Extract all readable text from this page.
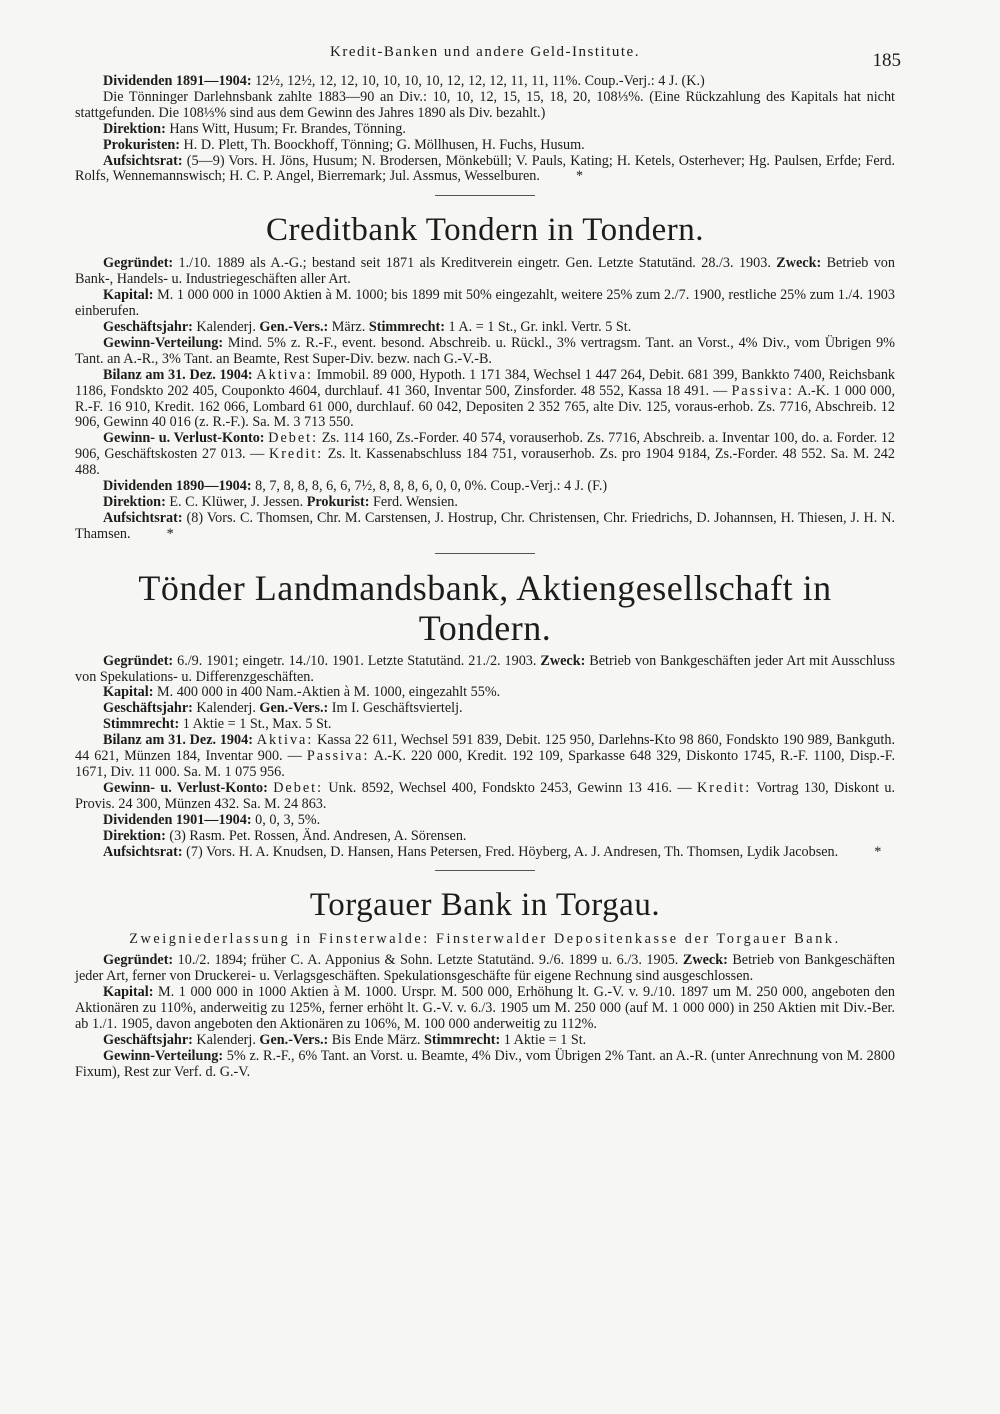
Kredit-Banken und andere Geld-Institute.	185

Dividenden 1891—1904: 12½, 12½, 12, 12, 10, 10, 10, 10, 12, 12, 12, 11, 11, 11%. Coup.-Verj.: 4 J. (K.)

Die Tönninger Darlehnsbank zahlte 1883—90 an Div.: 10, 10, 12, 15, 15, 18, 20, 108⅓%. (Eine Rückzahlung des Kapitals hat nicht stattgefunden. Die 108⅓% sind aus dem Gewinn des Jahres 1890 als Div. bezahlt.)

Direktion: Hans Witt, Husum; Fr. Brandes, Tönning.

Prokuristen: H. D. Plett, Th. Boockhoff, Tönning; G. Möllhusen, H. Fuchs, Husum.

Aufsichtsrat: (5—9) Vors. H. Jöns, Husum; N. Brodersen, Mönkebüll; V. Pauls, Kating; H. Ketels, Osterhever; Hg. Paulsen, Erfde; Ferd. Rolfs, Wennemannswisch; H. C. P. Angel, Bierremark; Jul. Assmus, Wesselburen.	*

Creditbank Tondern in Tondern.

Gegründet: 1./10. 1889 als A.-G.; bestand seit 1871 als Kreditverein eingetr. Gen. Letzte Statutänd. 28./3. 1903. Zweck: Betrieb von Bank-, Handels- u. Industriegeschäften aller Art.

Kapital: M. 1 000 000 in 1000 Aktien à M. 1000; bis 1899 mit 50% eingezahlt, weitere 25% zum 2./7. 1900, restliche 25% zum 1./4. 1903 einberufen.

Geschäftsjahr: Kalenderj. Gen.-Vers.: März. Stimmrecht: 1 A. = 1 St., Gr. inkl. Vertr. 5 St.

Gewinn-Verteilung: Mind. 5% z. R.-F., event. besond. Abschreib. u. Rückl., 3% vertragsm. Tant. an Vorst., 4% Div., vom Übrigen 9% Tant. an A.-R., 3% Tant. an Beamte, Rest Super-Div. bezw. nach G.-V.-B.

Bilanz am 31. Dez. 1904: Aktiva: Immobil. 89 000, Hypoth. 1 171 384, Wechsel 1 447 264, Debit. 681 399, Bankkto 7400, Reichsbank 1186, Fondskto 202 405, Couponkto 4604, durchlauf. 41 360, Inventar 500, Zinsforder. 48 552, Kassa 18 491. — Passiva: A.-K. 1 000 000, R.-F. 16 910, Kredit. 162 066, Lombard 61 000, durchlauf. 60 042, Depositen 2 352 765, alte Div. 125, voraus-erhob. Zs. 7716, Abschreib. 12 906, Gewinn 40 016 (z. R.-F.). Sa. M. 3 713 550.

Gewinn- u. Verlust-Konto: Debet: Zs. 114 160, Zs.-Forder. 40 574, vorauserhob. Zs. 7716, Abschreib. a. Inventar 100, do. a. Forder. 12 906, Geschäftskosten 27 013. — Kredit: Zs. lt. Kassenabschluss 184 751, vorauserhob. Zs. pro 1904 9184, Zs.-Forder. 48 552. Sa. M. 242 488.

Dividenden 1890—1904: 8, 7, 8, 8, 8, 6, 6, 7½, 8, 8, 8, 6, 0, 0, 0%. Coup.-Verj.: 4 J. (F.)

Direktion: E. C. Klüwer, J. Jessen. Prokurist: Ferd. Wensien.

Aufsichtsrat: (8) Vors. C. Thomsen, Chr. M. Carstensen, J. Hostrup, Chr. Christensen, Chr. Friedrichs, D. Johannsen, H. Thiesen, J. H. N. Thamsen.	*

Tönder Landmandsbank, Aktiengesellschaft in Tondern.

Gegründet: 6./9. 1901; eingetr. 14./10. 1901. Letzte Statutänd. 21./2. 1903. Zweck: Betrieb von Bankgeschäften jeder Art mit Ausschluss von Spekulations- u. Differenzgeschäften.

Kapital: M. 400 000 in 400 Nam.-Aktien à M. 1000, eingezahlt 55%.

Geschäftsjahr: Kalenderj. Gen.-Vers.: Im I. Geschäftsviertelj.

Stimmrecht: 1 Aktie = 1 St., Max. 5 St.

Bilanz am 31. Dez. 1904: Aktiva: Kassa 22 611, Wechsel 591 839, Debit. 125 950, Darlehns-Kto 98 860, Fondskto 190 989, Bankguth. 44 621, Münzen 184, Inventar 900. — Passiva: A.-K. 220 000, Kredit. 192 109, Sparkasse 648 329, Diskonto 1745, R.-F. 1100, Disp.-F. 1671, Div. 11 000. Sa. M. 1 075 956.

Gewinn- u. Verlust-Konto: Debet: Unk. 8592, Wechsel 400, Fondskto 2453, Gewinn 13 416. — Kredit: Vortrag 130, Diskont u. Provis. 24 300, Münzen 432. Sa. M. 24 863.

Dividenden 1901—1904: 0, 0, 3, 5%.

Direktion: (3) Rasm. Pet. Rossen, Änd. Andresen, A. Sörensen.

Aufsichtsrat: (7) Vors. H. A. Knudsen, D. Hansen, Hans Petersen, Fred. Höyberg, A. J. Andresen, Th. Thomsen, Lydik Jacobsen.	*

Torgauer Bank in Torgau.
Zweigniederlassung in Finsterwalde: Finsterwalder Depositenkasse der Torgauer Bank.

Gegründet: 10./2. 1894; früher C. A. Apponius & Sohn. Letzte Statutänd. 9./6. 1899 u. 6./3. 1905. Zweck: Betrieb von Bankgeschäften jeder Art, ferner von Druckerei- u. Verlagsgeschäften. Spekulationsgeschäfte für eigene Rechnung sind ausgeschlossen.

Kapital: M. 1 000 000 in 1000 Aktien à M. 1000. Urspr. M. 500 000, Erhöhung lt. G.-V. v. 9./10. 1897 um M. 250 000, angeboten den Aktionären zu 110%, anderweitig zu 125%, ferner erhöht lt. G.-V. v. 6./3. 1905 um M. 250 000 (auf M. 1 000 000) in 250 Aktien mit Div.-Ber. ab 1./1. 1905, davon angeboten den Aktionären zu 106%, M. 100 000 anderweitig zu 112%.

Geschäftsjahr: Kalenderj. Gen.-Vers.: Bis Ende März. Stimmrecht: 1 Aktie = 1 St.

Gewinn-Verteilung: 5% z. R.-F., 6% Tant. an Vorst. u. Beamte, 4% Div., vom Übrigen 2% Tant. an A.-R. (unter Anrechnung von M. 2800 Fixum), Rest zur Verf. d. G.-V.
